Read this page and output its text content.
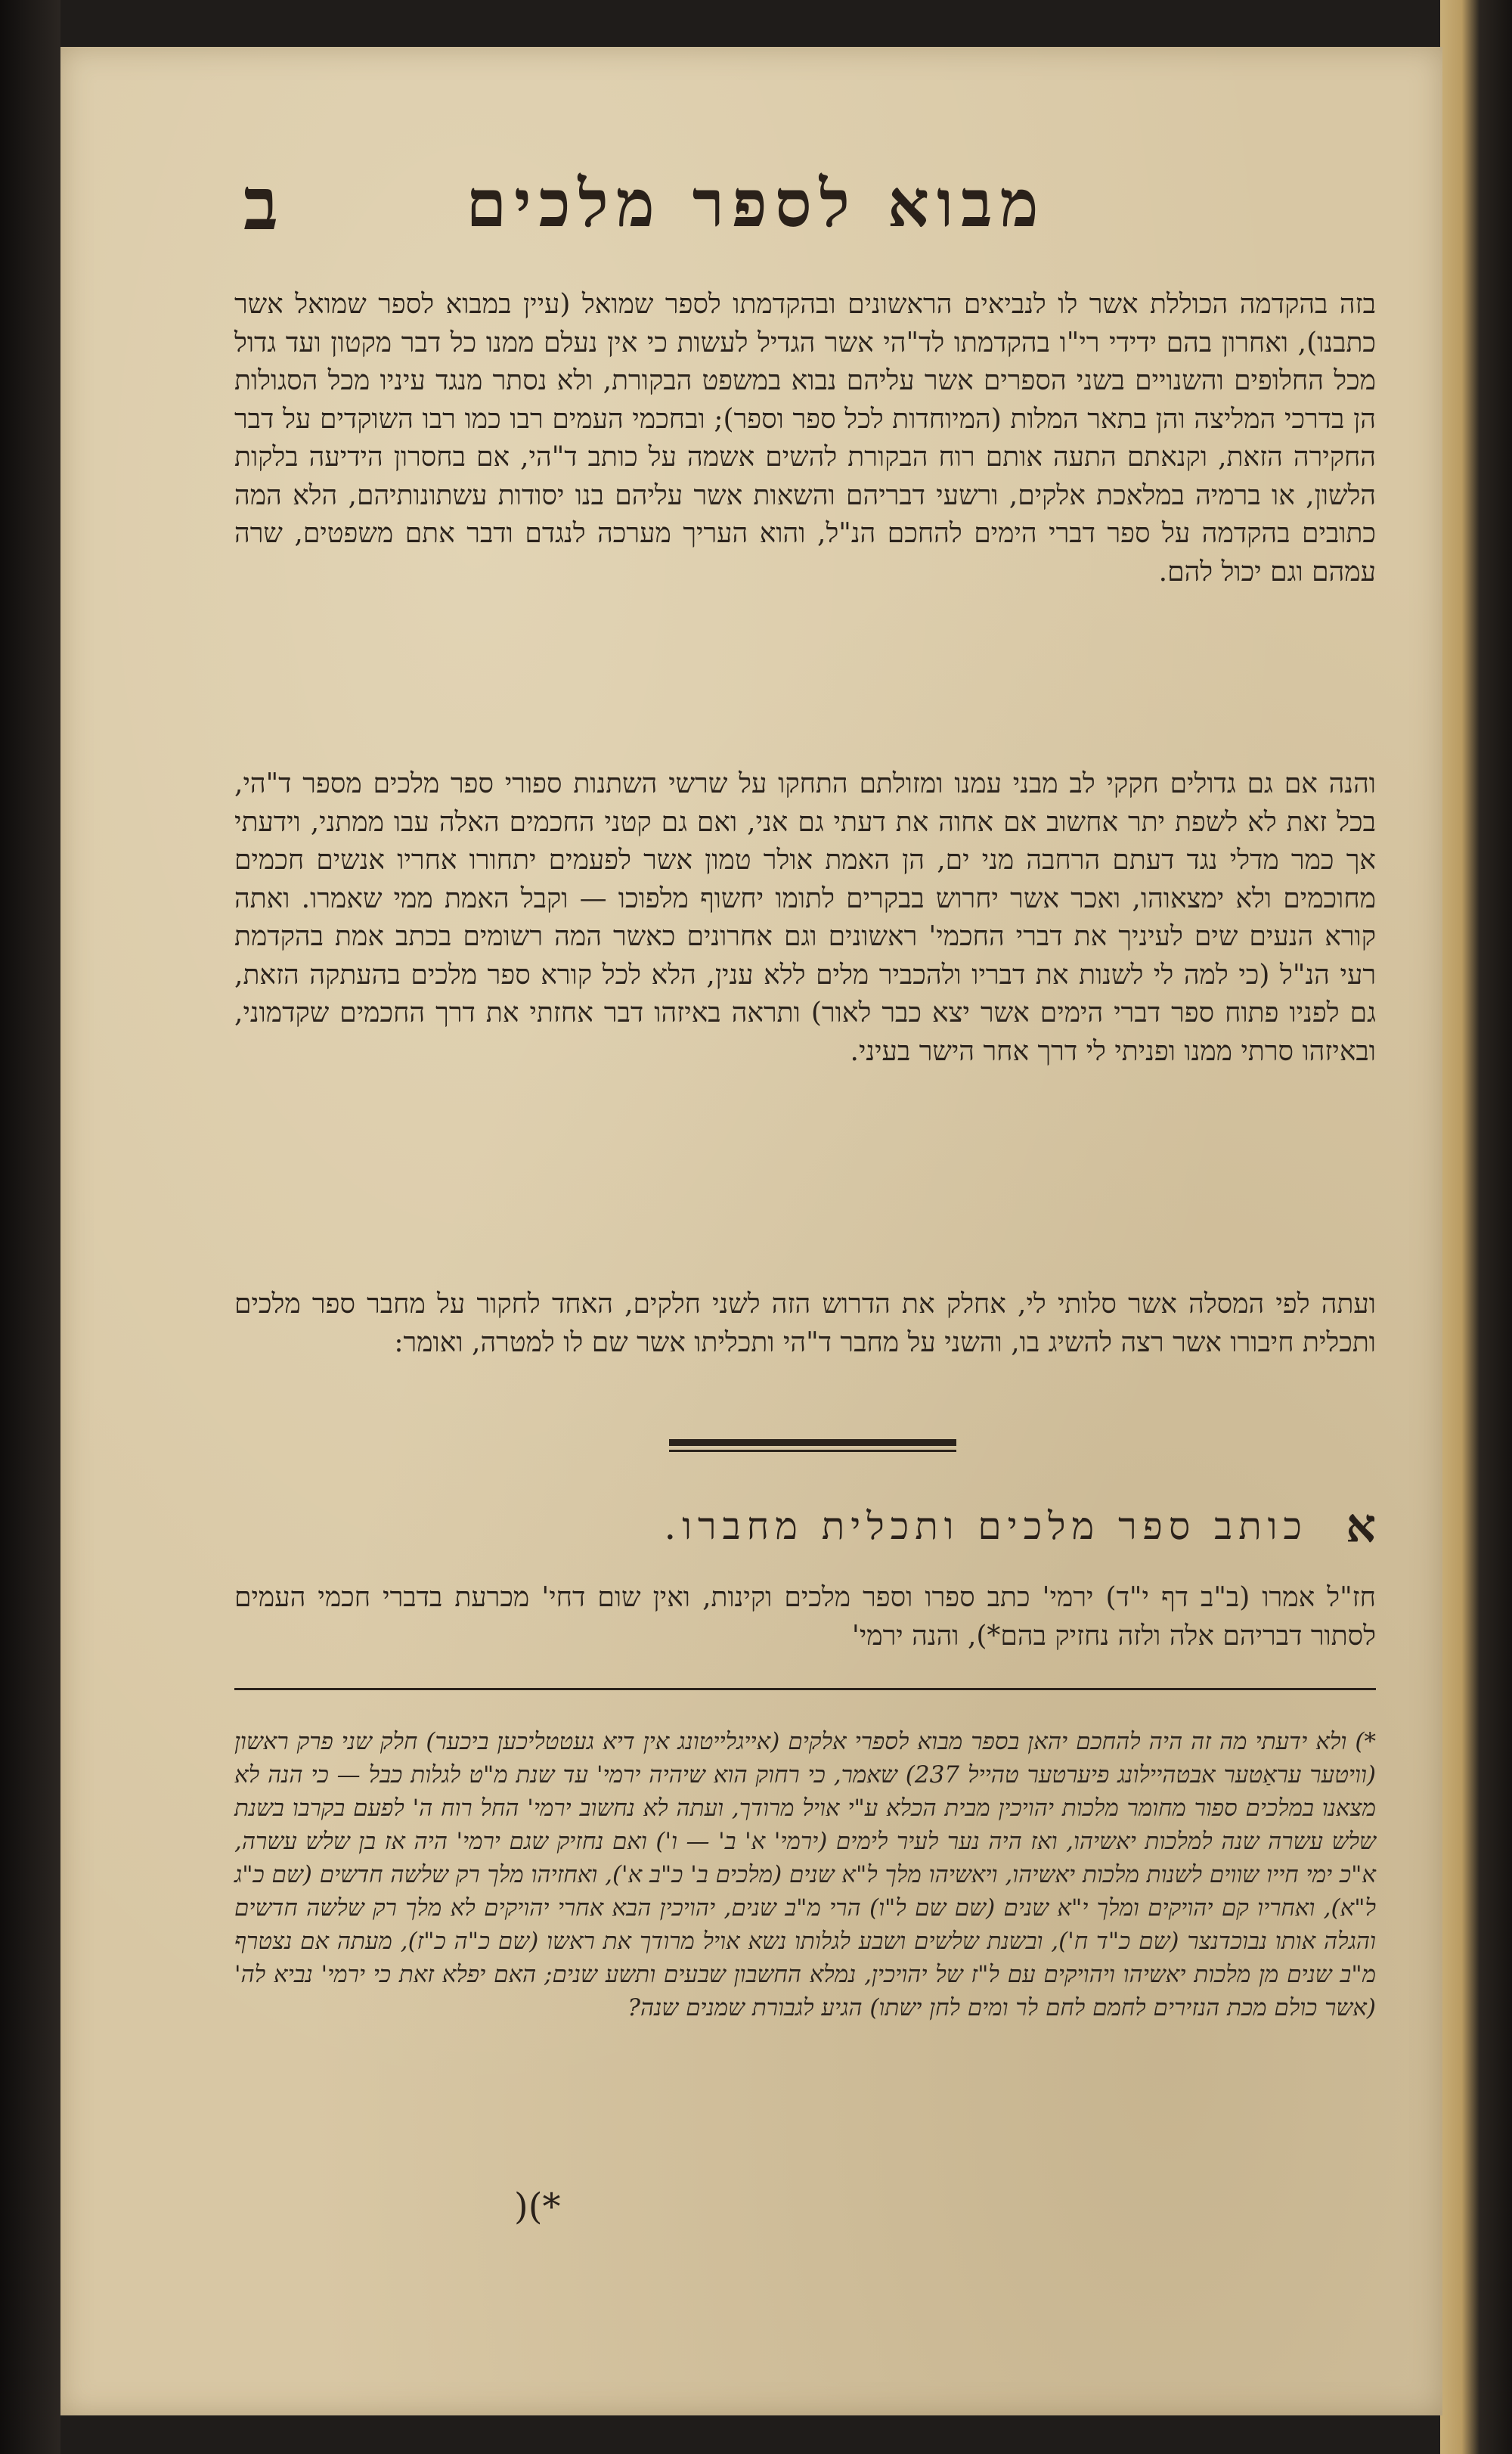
ב	מבוא לספר מלכים

בזה בהקדמה הכוללת אשר לו לנביאים הראשונים ובהקדמתו לספר שמואל (עיין במבוא לספר שמואל אשר כתבנו), ואחרון בהם ידידי רי"ו בהקדמתו לד"הי אשר הגדיל לעשות כי אין נעלם ממנו כל דבר מקטון ועד גדול מכל החלופים והשנויים בשני הספרים אשר עליהם נבוא במשפט הבקורת, ולא נסתר מנגד עיניו מכל הסגולות הן בדרכי המליצה והן בתאר המלות (המיוחדות לכל ספר וספר); ובחכמי העמים רבו כמו רבו השוקדים על דבר החקירה הזאת, וקנאתם התעה אותם רוח הבקורת להשים אשמה על כותב ד"הי, אם בחסרון הידיעה בלקות הלשון, או ברמיה במלאכת אלקים, ורשעי דבריהם והשאות אשר עליהם בנו יסודות עשתונותיהם, הלא המה כתובים בהקדמה על ספר דברי הימים להחכם הנ"ל, והוא העריך מערכה לנגדם ודבר אתם משפטים, שרה עמהם וגם יכול להם.

והנה אם גם גדולים חקקי לב מבני עמנו ומזולתם התחקו על שרשי השתנות ספורי ספר מלכים מספר ד"הי, בכל זאת לא לשפת יתר אחשוב אם אחוה את דעתי גם אני, ואם גם קטני החכמים האלה עבו ממתני, וידעתי אך כמר מדלי נגד דעתם הרחבה מני ים, הן האמת אולר טמון אשר לפעמים יתחורו אחריו אנשים חכמים מחוכמים ולא ימצאוהו, ואכר אשר יחרוש בבקרים לתומו יחשוף מלפוכו — וקבל האמת ממי שאמרו. ואתה קורא הנעים שים לעיניך את דברי החכמי' ראשונים וגם אחרונים כאשר המה רשומים בכתב אמת בהקדמת רעי הנ"ל (כי למה לי לשנות את דבריו ולהכביר מלים ללא ענין, הלא לכל קורא ספר מלכים בהעתקה הזאת, גם לפניו פתוח ספר דברי הימים אשר יצא כבר לאור) ותראה באיזהו דבר אחזתי את דרך החכמים שקדמוני, ובאיזהו סרתי ממנו ופניתי לי דרך אחר הישר בעיני.

ועתה לפי המסלה אשר סלותי לי, אחלק את הדרוש הזה לשני חלקים, האחד לחקור על מחבר ספר מלכים ותכלית חיבורו אשר רצה להשיג בו, והשני על מחבר ד"הי ותכליתו אשר שם לו למטרה, ואומר:

א
כותב ספר מלכים ותכלית מחברו.

חז"ל אמרו (ב"ב דף י"ד) ירמי' כתב ספרו וספר מלכים וקינות, ואין שום דחי' מכרעת בדברי חכמי העמים לסתור דבריהם אלה ולזה נחזיק בהם*), והנה ירמי'

*) ולא ידעתי מה זה היה להחכם יהאן בספר מבוא לספרי אלקים (אייגלייטונג אין דיא געטטליכען ביכער) חלק שני פרק ראשון (וויטער עראַטער אבטהיילונג פיערטער טהייל 237) שאמר, כי רחוק הוא שיהיה ירמי' עד שנת מ"ט לגלות כבל — כי הנה לא מצאנו במלכים ספור מחומר מלכות יהויכין מבית הכלא ע"י אויל מרודך, ועתה לא נחשוב ירמי' החל רוח ה' לפעם בקרבו בשנת שלש עשרה שנה למלכות יאשיהו, ואז היה נער לעיר לימים (ירמי' א' ב' — ו') ואם נחזיק שגם ירמי' היה אז בן שלש עשרה, א"כ ימי חייו שווים לשנות מלכות יאשיהו, ויאשיהו מלך ל"א שנים (מלכים ב' כ"ב א'), ואחזיהו מלך רק שלשה חדשים (שם כ"ג ל"א), ואחריו קם יהויקים ומלך י"א שנים (שם שם ל"ו) הרי מ"ב שנים, יהויכין הבא אחרי יהויקים לא מלך רק שלשה חדשים והגלה אותו נבוכדנצר (שם כ"ד ח'), ובשנת שלשים ושבע לגלותו נשא אויל מרודך את ראשו (שם כ"ה כ"ז), מעתה אם נצטרף מ"ב שנים מן מלכות יאשיהו ויהויקים עם ל"ז של יהויכין, נמלא החשבון שבעים ותשע שנים; האם יפלא זאת כי ירמי' נביא לה' (אשר כולם מכת הנזירים לחמם לחם לר ומים לחן ישתו) הגיע לגבורת שמנים שנה?

*)(
